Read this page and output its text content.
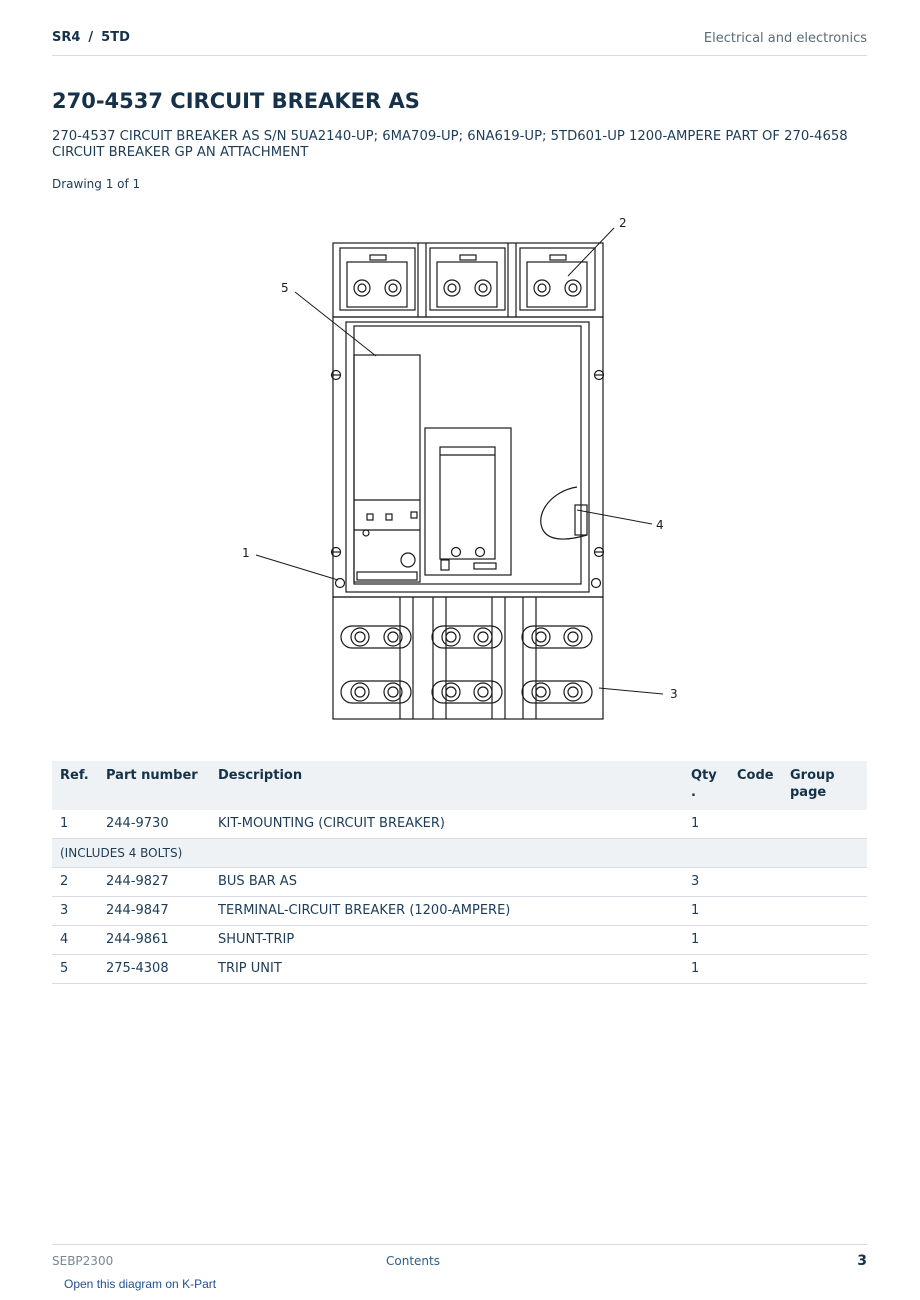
SR4 / 5TD	Electrical and electronics
270-4537 CIRCUIT BREAKER AS
270-4537 CIRCUIT BREAKER AS S/N 5UA2140-UP; 6MA709-UP; 6NA619-UP; 5TD601-UP 1200-AMPERE PART OF 270-4658 CIRCUIT BREAKER GP AN ATTACHMENT
Drawing 1 of 1
1
2
3
4
5
Ref.	Part number	Description	Qty .	Code	Group page
1	244-9730	KIT-MOUNTING (CIRCUIT BREAKER)	1		
(INCLUDES 4 BOLTS)					
2	244-9827	BUS BAR AS	3		
3	244-9847	TERMINAL-CIRCUIT BREAKER (1200-AMPERE)	1		
4	244-9861	SHUNT-TRIP	1		
5	275-4308	TRIP UNIT	1		
SEBP2300	Contents	3
Open this diagram on K-Part
